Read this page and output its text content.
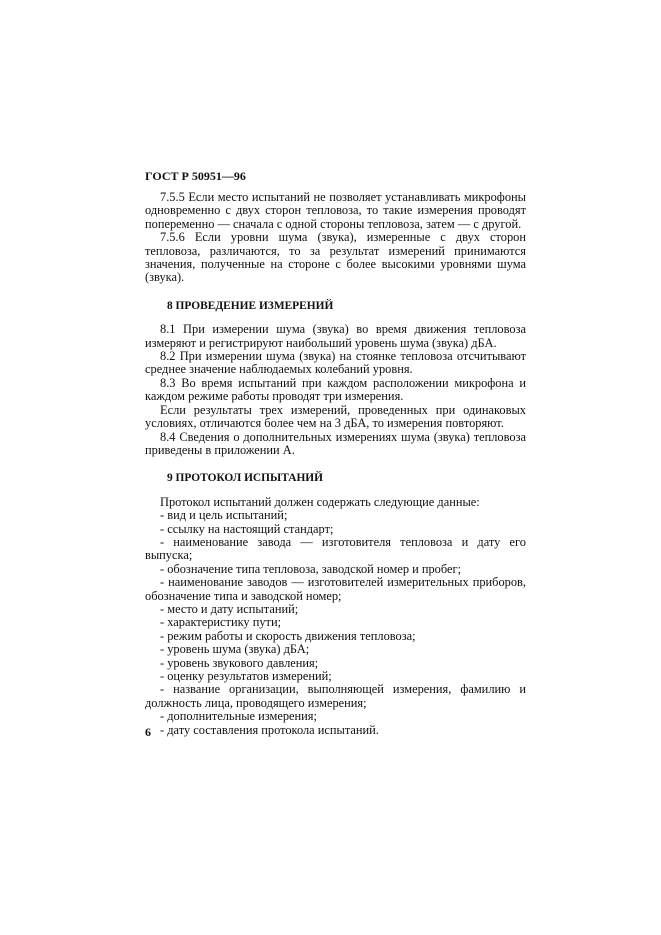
ГОСТ Р 50951—96

7.5.5 Если место испытаний не позволяет устанавливать микрофоны одновременно с двух сторон тепловоза, то такие измерения проводят попеременно — сначала с одной стороны тепловоза, затем — с другой.

7.5.6 Если уровни шума (звука), измеренные с двух сторон тепловоза, различаются, то за результат измерений принимаются значения, полученные на стороне с более высокими уровнями шума (звука).

8 ПРОВЕДЕНИЕ ИЗМЕРЕНИЙ

8.1 При измерении шума (звука) во время движения тепловоза измеряют и регистрируют наибольший уровень шума (звука) дБА.

8.2 При измерении шума (звука) на стоянке тепловоза отсчитывают среднее значение наблюдаемых колебаний уровня.

8.3 Во время испытаний при каждом расположении микрофона и каждом режиме работы проводят три измерения.

Если результаты трех измерений, проведенных при одинаковых условиях, отличаются более чем на 3 дБА, то измерения повторяют.

8.4 Сведения о дополнительных измерениях шума (звука) тепловоза приведены в приложении А.

9 ПРОТОКОЛ ИСПЫТАНИЙ

Протокол испытаний должен содержать следующие данные:

- вид и цель испытаний;

- ссылку на настоящий стандарт;

- наименование завода — изготовителя тепловоза и дату его выпуска;

- обозначение типа тепловоза, заводской номер и пробег;

- наименование заводов — изготовителей измерительных приборов, обозначение типа и заводской номер;

- место и дату испытаний;

- характеристику пути;

- режим работы и скорость движения тепловоза;

- уровень шума (звука) дБА;

- уровень звукового давления;

- оценку результатов измерений;

- название организации, выполняющей измерения, фамилию и должность лица, проводящего измерения;

- дополнительные измерения;

- дату составления протокола испытаний.

6
